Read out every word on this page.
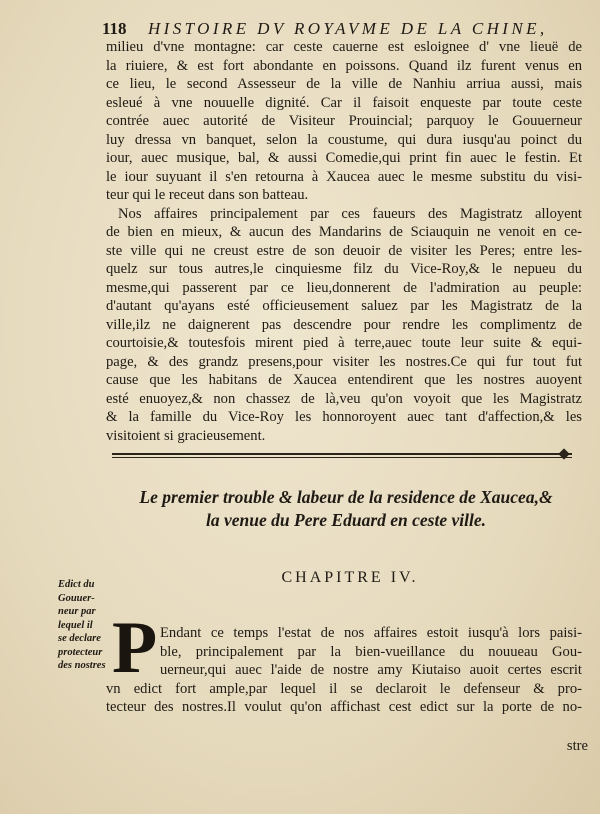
118 HISTOIRE DV ROYAVME DE LA CHINE,
milieu d'vne montagne: car ceste cauerne est esloignee d' vne lieuë de
la riuiere, & est fort abondante en poissons. Quand ilz furent venus en
ce lieu, le second Assesseur de la ville de Nanhiu arriua aussi, mais
esleué à vne nouuelle dignité. Car il faisoit enqueste par toute ceste
contrée auec autorité de Visiteur Prouincial; parquoy le Gouuerneur
luy dressa vn banquet, selon la coustume, qui dura iusqu'au poinct du
iour, auec musique, bal, & aussi Comedie,qui print fin auec le festin. Et
le iour suyuant il s'en retourna à Xaucea auec le mesme substitu du visi-
teur qui le receut dans son batteau.
Nos affaires principalement par ces faueurs des Magistratz alloyent
de bien en mieux, & aucun des Mandarins de Sciauquin ne venoit en ce-
ste ville qui ne creust estre de son deuoir de visiter les Peres; entre les-
quelz sur tous autres,le cinquiesme filz du Vice-Roy,& le nepueu du
mesme,qui passerent par ce lieu,donnerent de l'admiration au peuple:
d'autant qu'ayans esté officieusement saluez par les Magistratz de la
ville,ilz ne daignerent pas descendre pour rendre les complimentz de
courtoisie,& toutesfois mirent pied à terre,auec toute leur suite & equi-
page, & des grandz presens,pour visiter les nostres.Ce qui fur tout fut
cause que les habitans de Xaucea entendirent que les nostres auoyent
esté enuoyez,& non chassez de là,veu qu'on voyoit que les Magistratz
& la famille du Vice-Roy les honnoroyent auec tant d'affection,& les
visitoient si gracieusement.
Le premier trouble & labeur de la residence de Xaucea,&
la venue du Pere Eduard en ceste ville.
CHAPITRE IV.
Edict du
Gouuer-
neur par
lequel il
se declare
protecteur
des nostres P Endant ce temps l'estat de nos affaires estoit iusqu'à lors paisi-
ble, principalement par la bien-vueillance du nouueau Gou-
uerneur,qui auec l'aide de nostre amy Kiutaiso auoit certes escrit
vn edict fort ample,par lequel il se declaroit le defenseur & pro-
tecteur des nostres.Il voulut qu'on affichast cest edict sur la porte de no-
stre
